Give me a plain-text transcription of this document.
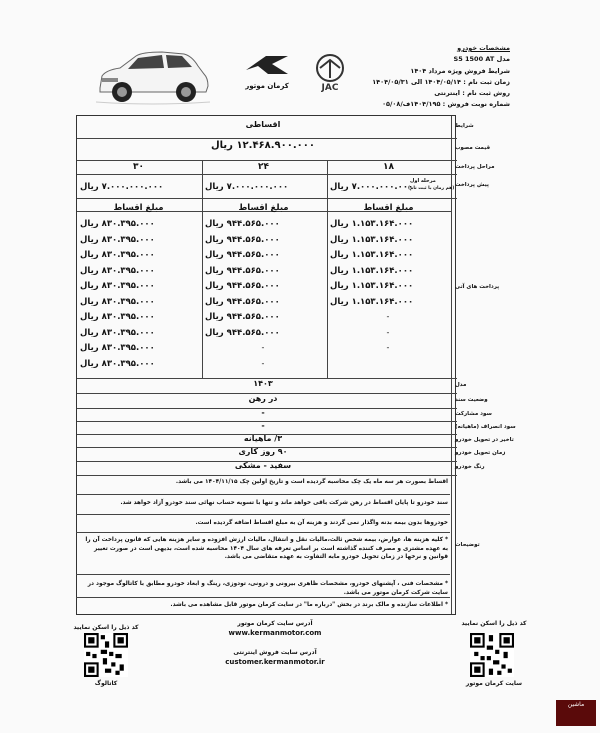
کرمان موتور	JAC
مشخصات خودرو
مدل S5 1500 AT
شرایط فروش ویژه مرداد ۱۴۰۴
زمان ثبت نام : ۱۴۰۴/۰۵/۱۴ الی ۱۴۰۴/۰۵/۳۱
روش ثبت نام : اینترنتی
شماره نوبت فروش : ۱۴۰۴/۱۹۵ف/۰۵/۰۸
شرایط
قیمت مصوب
مراحل پرداخت
پیش پرداخت
پرداخت های آتی
مدل
وضعیت سند
سود مشارکت
سود انصراف (ماهیانه)
تاخیر در تحویل خودرو
زمان تحویل خودرو
رنگ خودرو
توضیحات
اقساطی
۱۲.۴۶۸.۹۰۰.۰۰۰ ریال
۱۸
۲۴
۳۰
مرحله اول
(هم زمان با ثبت نام)
۷.۰۰۰.۰۰۰.۰۰۰ ریال
۷.۰۰۰.۰۰۰.۰۰۰ ریال
۷.۰۰۰.۰۰۰.۰۰۰ ریال
مبلغ اقساط
مبلغ اقساط
مبلغ اقساط
۱.۱۵۳.۱۶۴.۰۰۰ ریال
۱.۱۵۳.۱۶۴.۰۰۰ ریال
۱.۱۵۳.۱۶۴.۰۰۰ ریال
۱.۱۵۳.۱۶۴.۰۰۰ ریال
۱.۱۵۳.۱۶۴.۰۰۰ ریال
۱.۱۵۳.۱۶۴.۰۰۰ ریال
-
-
-
۹۴۴.۵۶۵.۰۰۰ ریال
۹۴۴.۵۶۵.۰۰۰ ریال
۹۴۴.۵۶۵.۰۰۰ ریال
۹۴۴.۵۶۵.۰۰۰ ریال
۹۴۴.۵۶۵.۰۰۰ ریال
۹۴۴.۵۶۵.۰۰۰ ریال
۹۴۴.۵۶۵.۰۰۰ ریال
۹۴۴.۵۶۵.۰۰۰ ریال
-
-
۸۳۰.۳۹۵.۰۰۰ ریال
۸۳۰.۳۹۵.۰۰۰ ریال
۸۳۰.۳۹۵.۰۰۰ ریال
۸۳۰.۳۹۵.۰۰۰ ریال
۸۳۰.۳۹۵.۰۰۰ ریال
۸۳۰.۳۹۵.۰۰۰ ریال
۸۳۰.۳۹۵.۰۰۰ ریال
۸۳۰.۳۹۵.۰۰۰ ریال
۸۳۰.۳۹۵.۰۰۰ ریال
۸۳۰.۳۹۵.۰۰۰ ریال
۱۴۰۳
در رهن
-
-
۳/ ماهیانه
۹۰ روز کاری
سفید - مشکی
اقساط بصورت هر سه ماه یک چک محاسبه گردیده است و تاریخ اولین چک ۱۴۰۴/۱۱/۱۵ می باشد.
سند خودرو تا پایان اقساط در رهن شرکت باقی خواهد ماند و تنها با تسویه حساب نهائی سند خودرو آزاد خواهد شد.
خودروها بدون بیمه بدنه واگذار نمی گردند و هزینه آن به مبلغ اقساط اضافه گردیده است.
* کلیه هزینه ها، عوارض، بیمه شخص ثالث،مالیات نقل و انتقال، مالیات ارزش افزوده و سایر هزینه هایی که قانون پرداخت آن را به عهده مشتری و مصرف کننده گذاشته است بر اساس تعرفه های سال ۱۴۰۴ محاسبه شده است، بدیهی است در صورت تغییر قوانین و نرخها در زمان تحویل خودرو مابه التفاوت به عهده متقاضی می باشد.
* مشخصات فنی ، آپشنهای خودرو، مشخصات ظاهری بیرونی و درونی، تودوزی، رینگ و ابعاد خودرو مطابق با کاتالوگ موجود در سایت شرکت کرمان موتور می باشد.
* اطلاعات سازنده و مالک برند در بخش "درباره ما" در سایت کرمان موتور قابل مشاهده می باشد.
کد ذیل را اسکن نمایید
کاتالوگ
آدرس سایت کرمان موتور
www.kermanmotor.com
آدرس سایت فروش اینترنتی
customer.kermanmotor.ir
کد ذیل را اسکن نمایید
سایت کرمان موتور
ماشین
